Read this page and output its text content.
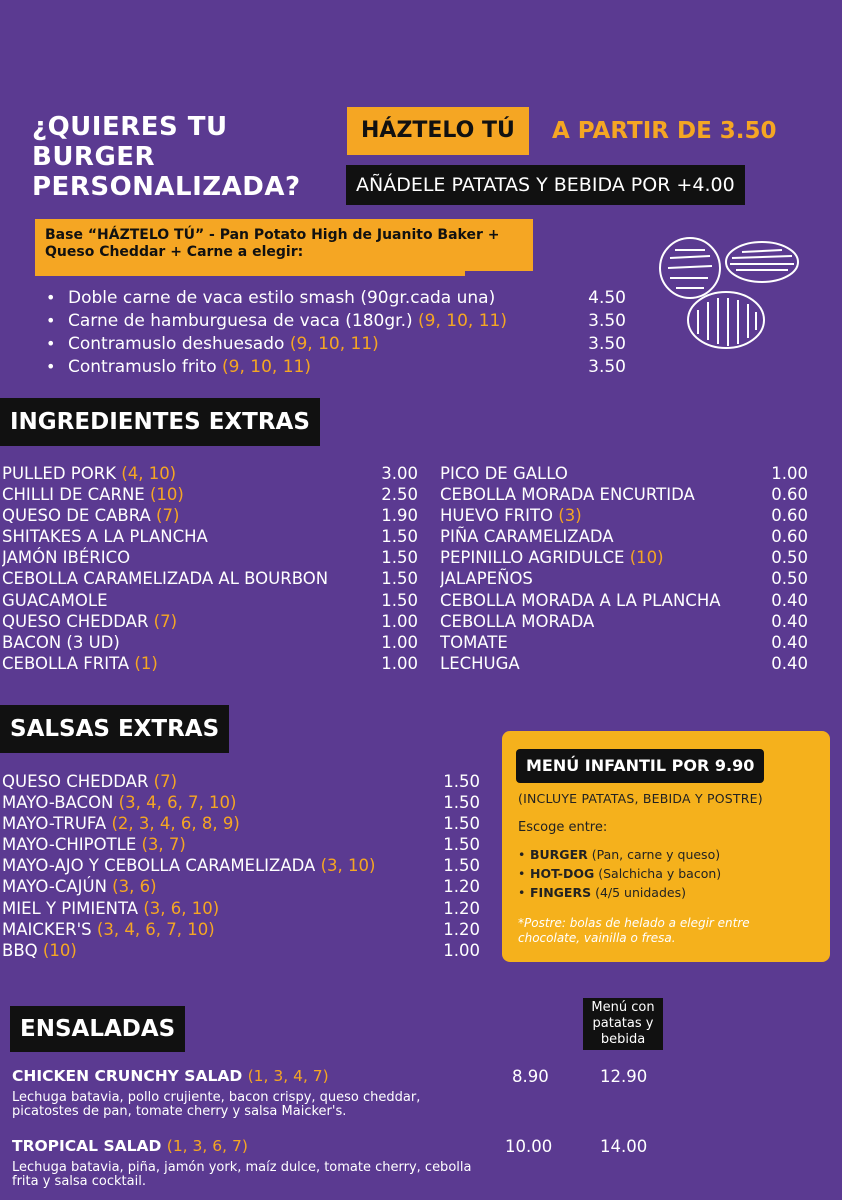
¿QUIERES TU BURGER PERSONALIZADA?
HÁZTELO TÚ	A PARTIR DE 3.50
AÑÁDELE PATATAS Y BEBIDA POR +4.00
Base “HÁZTELO TÚ” - Pan Potato High de Juanito Baker + Queso Cheddar + Carne a elegir:
• Doble carne de vaca estilo smash (90gr.cada una)	4.50
• Carne de hamburguesa de vaca (180gr.) (9, 10, 11)	3.50
• Contramuslo deshuesado (9, 10, 11)	3.50
• Contramuslo frito (9, 10, 11)	3.50
INGREDIENTES EXTRAS
PULLED PORK (4, 10)	3.00
CHILLI DE CARNE (10)	2.50
QUESO DE CABRA (7)	1.90
SHITAKES A LA PLANCHA	1.50
JAMÓN IBÉRICO	1.50
CEBOLLA CARAMELIZADA AL BOURBON	1.50
GUACAMOLE	1.50
QUESO CHEDDAR (7)	1.00
BACON (3 UD)	1.00
CEBOLLA FRITA (1)	1.00
PICO DE GALLO	1.00
CEBOLLA MORADA ENCURTIDA	0.60
HUEVO FRITO (3)	0.60
PIÑA CARAMELIZADA	0.60
PEPINILLO AGRIDULCE (10)	0.50
JALAPEÑOS	0.50
CEBOLLA MORADA A LA PLANCHA	0.40
CEBOLLA MORADA	0.40
TOMATE	0.40
LECHUGA	0.40
SALSAS EXTRAS
QUESO CHEDDAR (7)	1.50
MAYO-BACON (3, 4, 6, 7, 10)	1.50
MAYO-TRUFA (2, 3, 4, 6, 8, 9)	1.50
MAYO-CHIPOTLE (3, 7)	1.50
MAYO-AJO Y CEBOLLA CARAMELIZADA (3, 10)	1.50
MAYO-CAJÚN (3, 6)	1.20
MIEL Y PIMIENTA (3, 6, 10)	1.20
MAICKER'S (3, 4, 6, 7, 10)	1.20
BBQ (10)	1.00
MENÚ INFANTIL POR 9.90
(INCLUYE PATATAS, BEBIDA Y POSTRE)
Escoge entre:
• BURGER (Pan, carne y queso)
• HOT-DOG (Salchicha y bacon)
• FINGERS (4/5 unidades)
*Postre: bolas de helado a elegir entre chocolate, vainilla o fresa.
ENSALADAS
Menú con patatas y bebida
CHICKEN CRUNCHY SALAD (1, 3, 4, 7)
Lechuga batavia, pollo crujiente, bacon crispy, queso cheddar, picatostes de pan, tomate cherry y salsa Maicker's.
8.90	12.90
TROPICAL SALAD (1, 3, 6, 7)
Lechuga batavia, piña, jamón york, maíz dulce, tomate cherry, cebolla frita y salsa cocktail.
10.00	14.00
